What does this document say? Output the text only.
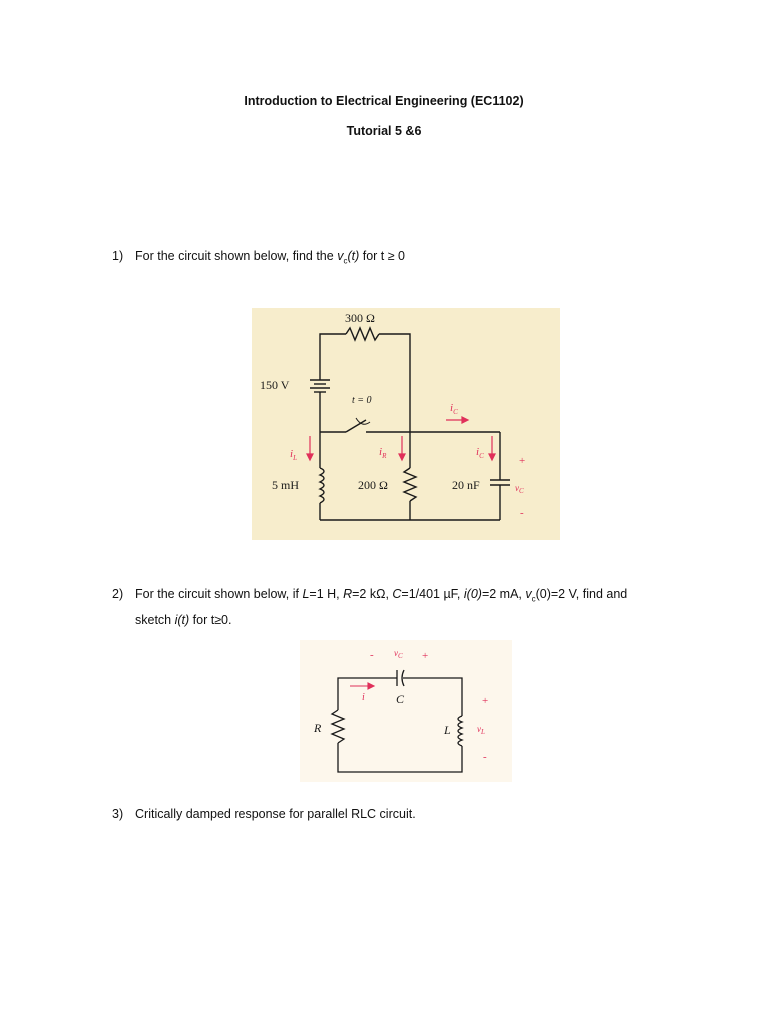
Introduction to Electrical Engineering (EC1102)
Tutorial 5 &6
1) For the circuit shown below, find the $v_c(t)$ for t ≥ 0
300 Ω
150 V
t = 0
5 mH	200 Ω	20 nF
$i_L$	$i_R$
$i_C$
$i_C$	+
$v_C$
-
2) For the circuit shown below, if L=1 H, R=2 kΩ, C=1/401 µF, i(0)=2 mA, $v_c(0)=2$ V, find and
sketch i(t) for t≥0.
- $v_C$ +
i	C
R	L
+
$v_L$
-
3) Critically damped response for parallel RLC circuit.
